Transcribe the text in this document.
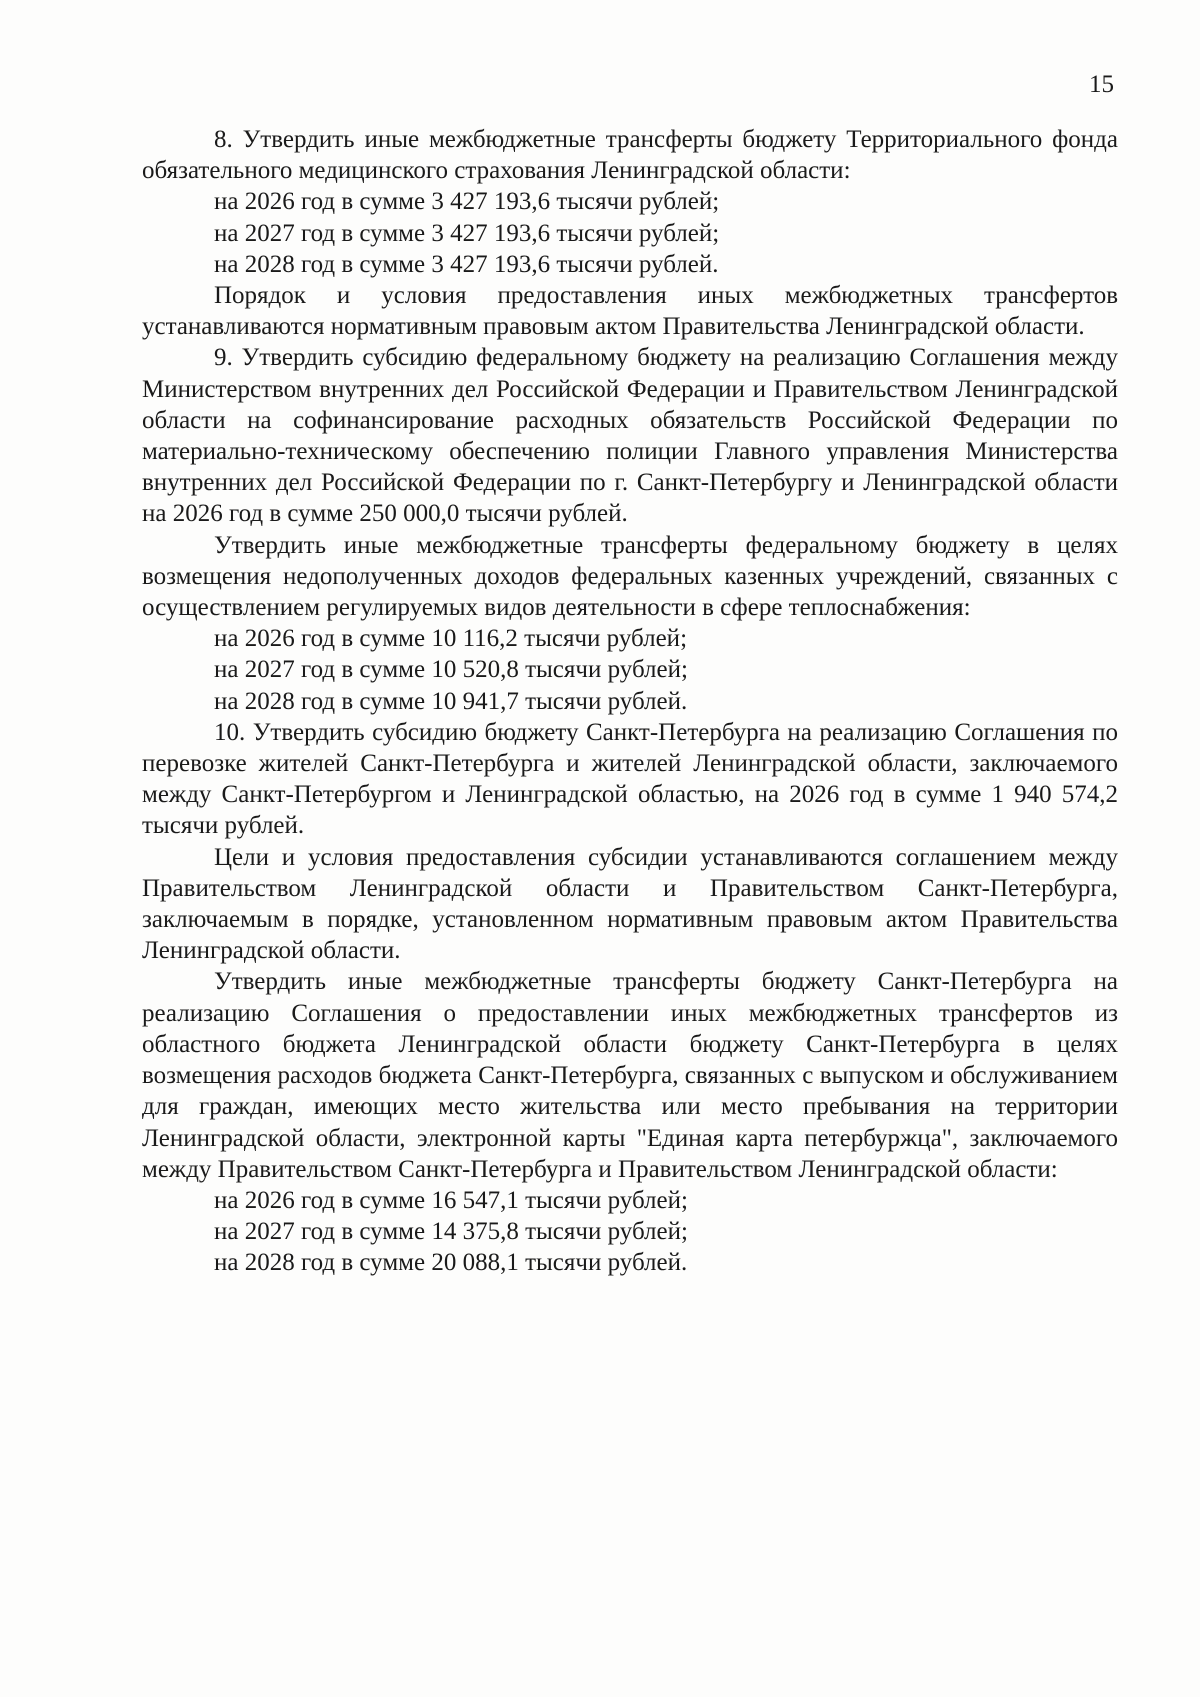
15

8. Утвердить иные межбюджетные трансферты бюджету Территориального фонда обязательного медицинского страхования Ленинградской области:

на 2026 год в сумме 3 427 193,6 тысячи рублей;

на 2027 год в сумме 3 427 193,6 тысячи рублей;

на 2028 год в сумме 3 427 193,6 тысячи рублей.

Порядок и условия предоставления иных межбюджетных трансфертов устанавливаются нормативным правовым актом Правительства Ленинградской области.

9. Утвердить субсидию федеральному бюджету на реализацию Соглашения между Министерством внутренних дел Российской Федерации и Правительством Ленинградской области на софинансирование расходных обязательств Российской Федерации по материально-техническому обеспечению полиции Главного управления Министерства внутренних дел Российской Федерации по г. Санкт-Петербургу и Ленинградской области на 2026 год в сумме 250 000,0 тысячи рублей.

Утвердить иные межбюджетные трансферты федеральному бюджету в целях возмещения недополученных доходов федеральных казенных учреждений, связанных с осуществлением регулируемых видов деятельности в сфере теплоснабжения:

на 2026 год в сумме 10 116,2 тысячи рублей;

на 2027 год в сумме 10 520,8 тысячи рублей;

на 2028 год в сумме 10 941,7 тысячи рублей.

10. Утвердить субсидию бюджету Санкт-Петербурга на реализацию Соглашения по перевозке жителей Санкт-Петербурга и жителей Ленинградской области, заключаемого между Санкт-Петербургом и Ленинградской областью, на 2026 год в сумме 1 940 574,2 тысячи рублей.

Цели и условия предоставления субсидии устанавливаются соглашением между Правительством Ленинградской области и Правительством Санкт-Петербурга, заключаемым в порядке, установленном нормативным правовым актом Правительства Ленинградской области.

Утвердить иные межбюджетные трансферты бюджету Санкт-Петербурга на реализацию Соглашения о предоставлении иных межбюджетных трансфертов из областного бюджета Ленинградской области бюджету Санкт-Петербурга в целях возмещения расходов бюджета Санкт-Петербурга, связанных с выпуском и обслуживанием для граждан, имеющих место жительства или место пребывания на территории Ленинградской области, электронной карты "Единая карта петербуржца", заключаемого между Правительством Санкт-Петербурга и Правительством Ленинградской области:

на 2026 год в сумме 16 547,1 тысячи рублей;

на 2027 год в сумме 14 375,8 тысячи рублей;

на 2028 год в сумме 20 088,1 тысячи рублей.
